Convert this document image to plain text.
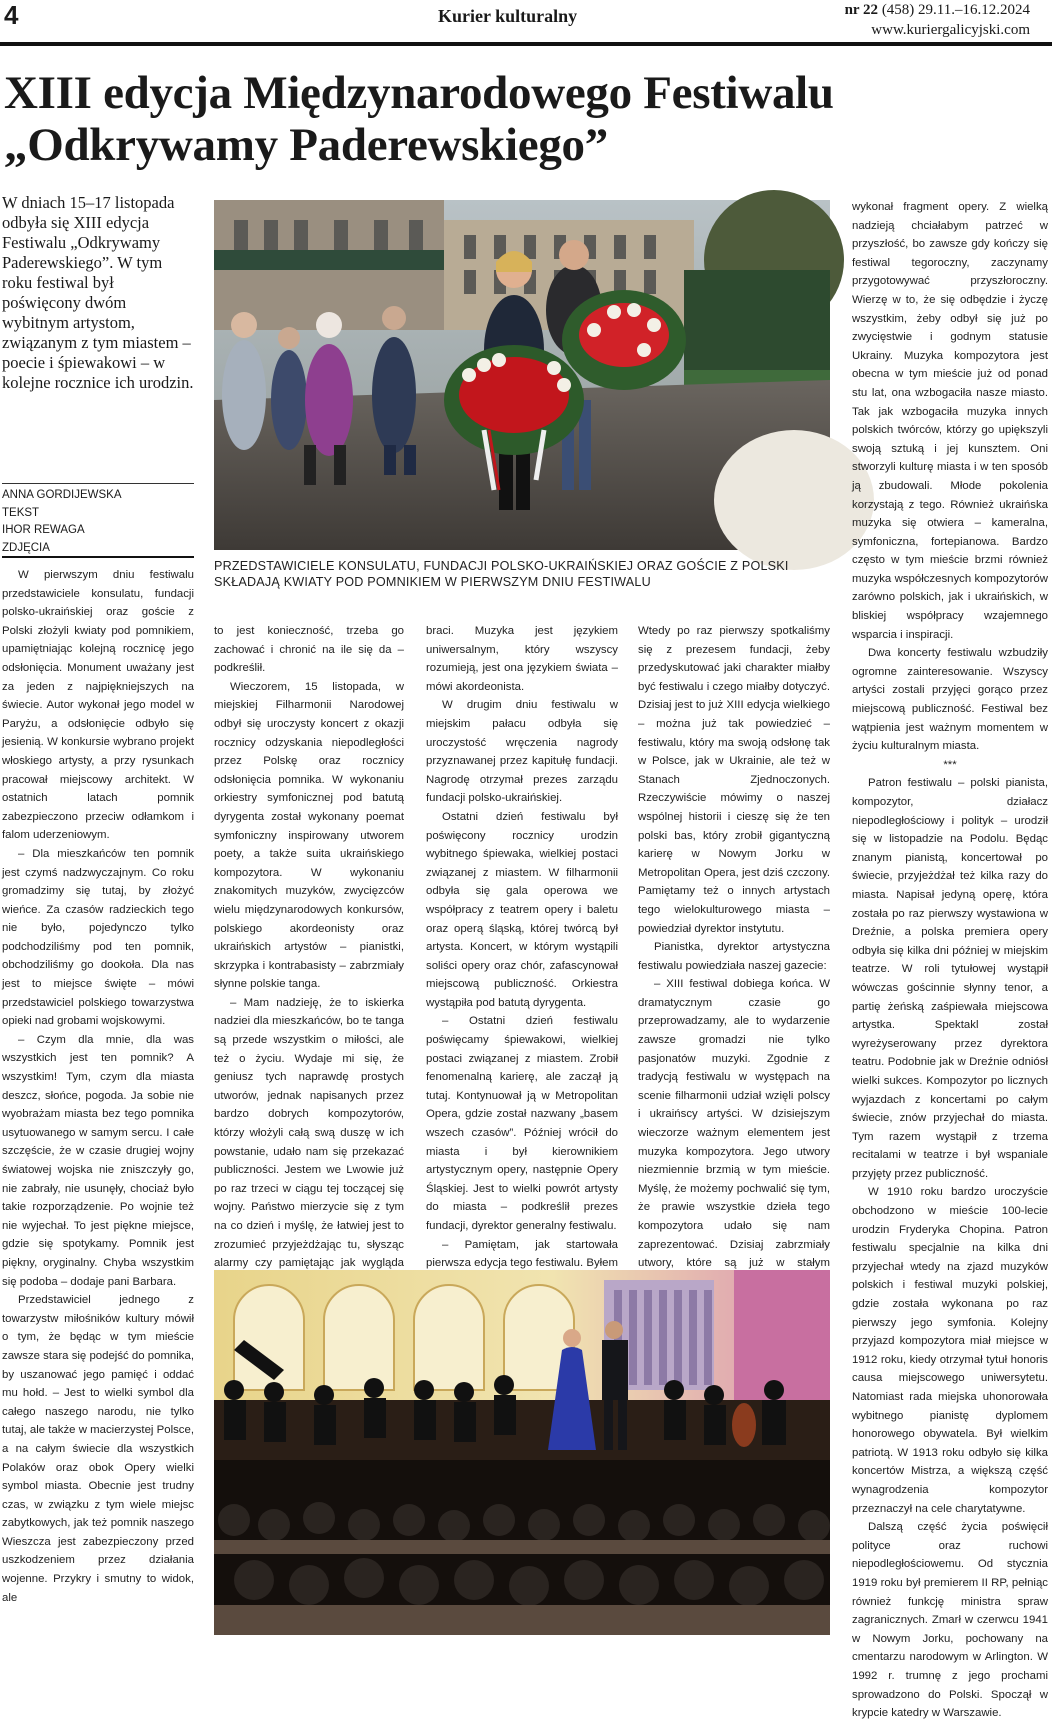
4	Kurier kulturalny	nr 22 (458) 29.11.–16.12.2024
www.kuriergalicyjski.com
XIII edycja Międzynarodowego Festiwalu
„Odkrywamy Paderewskiego”
W dniach 15–17 listopada odbyła się XIII edycja Festiwalu „Odkrywamy Paderewskiego”. W tym roku festiwal był poświęcony dwóm wybitnym artystom, związanym z tym miastem – poecie i śpiewakowi – w kolejne rocznice ich urodzin.
ANNA GORDIJEWSKA
TEKST
IHOR REWAGA
ZDJĘCIA
PRZEDSTAWICIELE KONSULATU, FUNDACJI POLSKO-UKRAIŃSKIEJ ORAZ GOŚCIE Z POLSKI SKŁADAJĄ KWIATY POD POMNIKIEM W PIERWSZYM DNIU FESTIWALU

W pierwszym dniu festiwalu przedstawiciele konsulatu, fundacji polsko-ukraińskiej oraz goście z Polski złożyli kwiaty pod pomnikiem, upamiętniając kolejną rocznicę jego odsłonięcia. Monument uważany jest za jeden z najpiękniejszych na świecie. Autor wykonał jego model w Paryżu, a odsłonięcie odbyło się jesienią. W konkursie wybrano projekt włoskiego artysty, a przy rysunkach pracował miejscowy architekt. W ostatnich latach pomnik zabezpieczono przeciw odłamkom i falom uderzeniowym.

– Dla mieszkańców ten pomnik jest czymś nadzwyczajnym. Co roku gromadzimy się tutaj, by złożyć wieńce. Za czasów radzieckich tego nie było, pojedynczo tylko podchodziliśmy pod ten pomnik, obchodziliśmy go dookoła. Dla nas jest to miejsce święte – mówi przedstawiciel polskiego towarzystwa opieki nad grobami wojskowymi.

– Czym dla mnie, dla was wszystkich jest ten pomnik? A wszystkim! Tym, czym dla miasta deszcz, słońce, pogoda. Ja sobie nie wyobrażam miasta bez tego pomnika usytuowanego w samym sercu. I całe szczęście, że w czasie drugiej wojny światowej wojska nie zniszczyły go, nie zabrały, nie usunęły, chociaż było takie rozporządzenie. Po wojnie też nie wyjechał. To jest piękne miejsce, gdzie się spotykamy. Pomnik jest piękny, oryginalny. Chyba wszystkim się podoba – dodaje pani Barbara.

Przedstawiciel jednego z towarzystw miłośników kultury mówił o tym, że będąc w tym mieście zawsze stara się podejść do pomnika, by uszanować jego pamięć i oddać mu hołd. – Jest to wielki symbol dla całego naszego narodu, nie tylko tutaj, ale także w macierzystej Polsce, a na całym świecie dla wszystkich Polaków oraz obok Opery wielki symbol miasta. Obecnie jest trudny czas, w związku z tym wiele miejsc zabytkowych, jak też pomnik naszego Wieszcza jest zabezpieczony przed uszkodzeniem przez działania wojenne. Przykry i smutny to widok, ale

to jest konieczność, trzeba go zachować i chronić na ile się da – podkreślił.

Wieczorem, 15 listopada, w miejskiej Filharmonii Narodowej odbył się uroczysty koncert z okazji rocznicy odzyskania niepodległości przez Polskę oraz rocznicy odsłonięcia pomnika. W wykonaniu orkiestry symfonicznej pod batutą dyrygenta został wykonany poemat symfoniczny inspirowany utworem poety, a także suita ukraińskiego kompozytora. W wykonaniu znakomitych muzyków, zwycięzców wielu międzynarodowych konkursów, polskiego akordeonisty oraz ukraińskich artystów – pianistki, skrzypka i kontrabasisty – zabrzmiały słynne polskie tanga.

– Mam nadzieję, że to iskierka nadziei dla mieszkańców, bo te tanga są przede wszystkim o miłości, ale też o życiu. Wydaje mi się, że geniusz tych naprawdę prostych utworów, jednak napisanych przez bardzo dobrych kompozytorów, którzy włożyli całą swą duszę w ich powstanie, udało nam się przekazać publiczności. Jestem we Lwowie już po raz trzeci w ciągu tej toczącej się wojny. Państwo mierzycie się z tym na co dzień i myślę, że łatwiej jest to zrozumieć przyjeżdżając tu, słysząc alarmy czy pamiętając jak wygląda

braci. Muzyka jest językiem uniwersalnym, który wszyscy rozumieją, jest ona językiem świata – mówi akordeonista.

W drugim dniu festiwalu w miejskim pałacu odbyła się uroczystość wręczenia nagrody przyznawanej przez kapitułę fundacji. Nagrodę otrzymał prezes zarządu fundacji polsko-ukraińskiej.

Ostatni dzień festiwalu był poświęcony rocznicy urodzin wybitnego śpiewaka, wielkiej postaci związanej z miastem. W filharmonii odbyła się gala operowa we współpracy z teatrem opery i baletu oraz operą śląską, której twórcą był artysta. Koncert, w którym wystąpili soliści opery oraz chór, zafascynował miejscową publiczność. Orkiestra wystąpiła pod batutą dyrygenta.

– Ostatni dzień festiwalu poświęcamy śpiewakowi, wielkiej postaci związanej z miastem. Zrobił fenomenalną karierę, ale zaczął ją tutaj. Kontynuował ją w Metropolitan Opera, gdzie został nazwany „basem wszech czasów”. Później wrócił do miasta i był kierownikiem artystycznym opery, następnie Opery Śląskiej. Jest to wielki powrót artysty do miasta – podkreślił prezes fundacji, dyrektor generalny festiwalu.

– Pamiętam, jak startowała pierwsza edycja tego festiwalu. Byłem

Wtedy po raz pierwszy spotkaliśmy się z prezesem fundacji, żeby przedyskutować jaki charakter miałby być festiwalu i czego miałby dotyczyć. Dzisiaj jest to już XIII edycja wielkiego – można już tak powiedzieć – festiwalu, który ma swoją odsłonę tak w Polsce, jak w Ukrainie, ale też w Stanach Zjednoczonych. Rzeczywiście mówimy o naszej wspólnej historii i cieszę się że ten polski bas, który zrobił gigantyczną karierę w Nowym Jorku w Metropolitan Opera, jest dziś czczony. Pamiętamy też o innych artystach tego wielokulturowego miasta – powiedział dyrektor instytutu.

Pianistka, dyrektor artystyczna festiwalu powiedziała naszej gazecie:

– XIII festiwal dobiega końca. W dramatycznym czasie go przeprowadzamy, ale to wydarzenie zawsze gromadzi nie tylko pasjonatów muzyki. Zgodnie z tradycją festiwalu w występach na scenie filharmonii udział wzięli polscy i ukraińscy artyści. W dzisiejszym wieczorze ważnym elementem jest muzyka kompozytora. Jego utwory niezmiennie brzmią w tym mieście. Myślę, że możemy pochwalić się tym, że prawie wszystkie dzieła tego kompozytora udało się nam zaprezentować. Dzisiaj zabrzmiały utwory, które są już w stałym

wykonał fragment opery. Z wielką nadzieją chciałabym patrzeć w przyszłość, bo zawsze gdy kończy się festiwal tegoroczny, zaczynamy przygotowywać przyszłoroczny. Wierzę w to, że się odbędzie i życzę wszystkim, żeby odbył się już po zwycięstwie i godnym statusie Ukrainy. Muzyka kompozytora jest obecna w tym mieście już od ponad stu lat, ona wzbogaciła nasze miasto. Tak jak wzbogaciła muzyka innych polskich twórców, którzy go upiększyli swoją sztuką i jej kunsztem. Oni stworzyli kulturę miasta i w ten sposób ją zbudowali. Młode pokolenia korzystają z tego. Również ukraińska muzyka się otwiera – kameralna, symfoniczna, fortepianowa. Bardzo często w tym mieście brzmi również muzyka współczesnych kompozytorów zarówno polskich, jak i ukraińskich, w bliskiej współpracy wzajemnego wsparcia i inspiracji.

Dwa koncerty festiwalu wzbudziły ogromne zainteresowanie. Wszyscy artyści zostali przyjęci gorąco przez miejscową publiczność. Festiwal bez wątpienia jest ważnym momentem w życiu kulturalnym miasta.

***

Patron festiwalu – polski pianista, kompozytor, działacz niepodległościowy i polityk – urodził się w listopadzie na Podolu. Będąc znanym pianistą, koncertował po świecie, przyjeżdżał też kilka razy do miasta. Napisał jedyną operę, która została po raz pierwszy wystawiona w Dreźnie, a polska premiera opery odbyła się kilka dni później w miejskim teatrze. W roli tytułowej wystąpił wówczas gościnnie słynny tenor, a partię żeńską zaśpiewała miejscowa artystka. Spektakl został wyreżyserowany przez dyrektora teatru. Podobnie jak w Dreźnie odniósł wielki sukces. Kompozytor po licznych wyjazdach z koncertami po całym świecie, znów przyjechał do miasta. Tym razem wystąpił z trzema recitalami w teatrze i był wspaniale przyjęty przez publiczność.

W 1910 roku bardzo uroczyście obchodzono w mieście 100-lecie urodzin Fryderyka Chopina. Patron festiwalu specjalnie na kilka dni przyjechał wtedy na zjazd muzyków polskich i festiwal muzyki polskiej, gdzie została wykonana po raz pierwszy jego symfonia. Kolejny przyjazd kompozytora miał miejsce w 1912 roku, kiedy otrzymał tytuł honoris causa miejscowego uniwersytetu. Natomiast rada miejska uhonorowała wybitnego pianistę dyplomem honorowego obywatela. Był wielkim patriotą. W 1913 roku odbyło się kilka koncertów Mistrza, a większą część wynagrodzenia kompozytor przeznaczył na cele charytatywne.

Dalszą część życia poświęcił polityce oraz ruchowi niepodległościowemu. Od stycznia 1919 roku był premierem II RP, pełniąc również funkcję ministra spraw zagranicznych. Zmarł w czerwcu 1941 w Nowym Jorku, pochowany na cmentarzu narodowym w Arlington. W 1992 r. trumnę z jego prochami sprowadzono do Polski. Spoczął w krypcie katedry w Warszawie.
